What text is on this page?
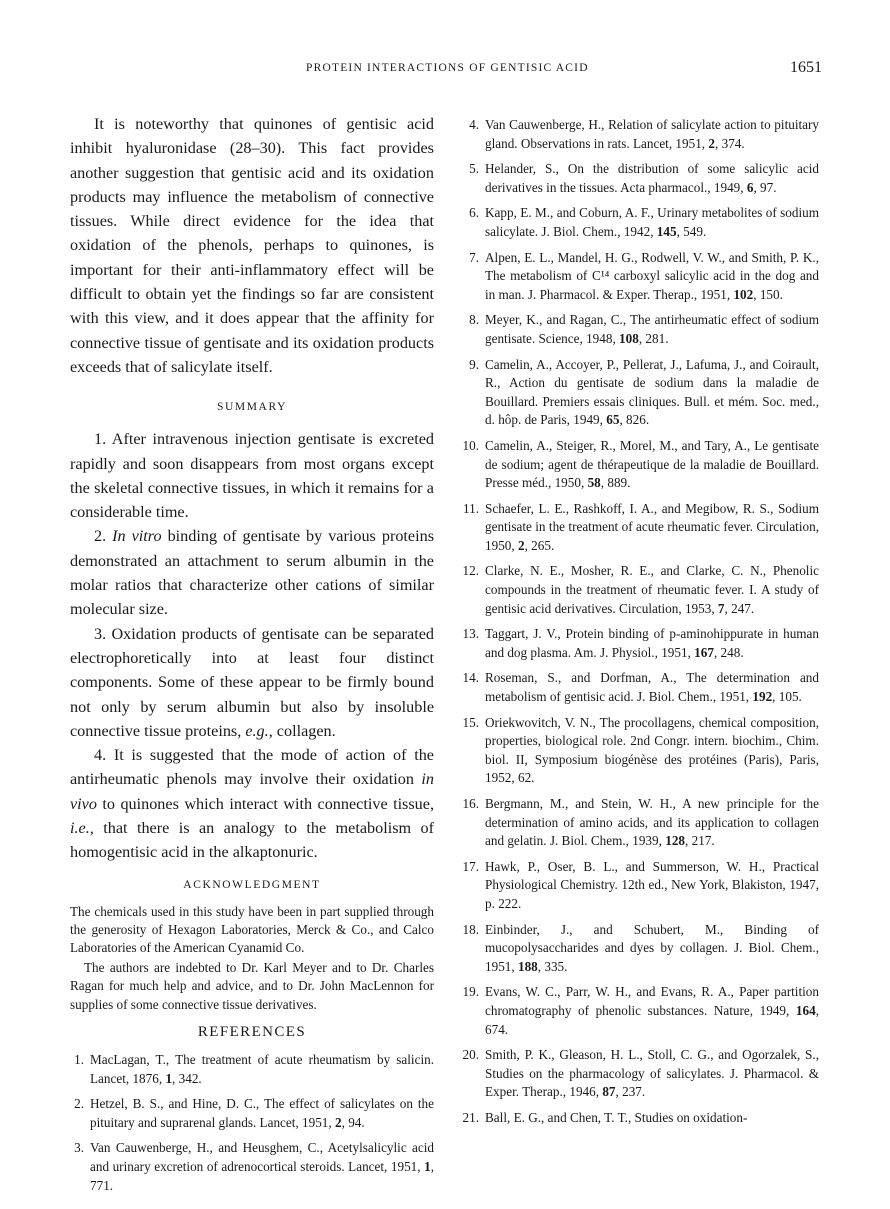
PROTEIN INTERACTIONS OF GENTISIC ACID	1651

It is noteworthy that quinones of gentisic acid inhibit hyaluronidase (28–30). This fact provides another suggestion that gentisic acid and its oxidation products may influence the metabolism of connective tissues. While direct evidence for the idea that oxidation of the phenols, perhaps to quinones, is important for their anti-inflammatory effect will be difficult to obtain yet the findings so far are consistent with this view, and it does appear that the affinity for connective tissue of gentisate and its oxidation products exceeds that of salicylate itself.

SUMMARY

1. After intravenous injection gentisate is excreted rapidly and soon disappears from most organs except the skeletal connective tissues, in which it remains for a considerable time.

2. In vitro binding of gentisate by various proteins demonstrated an attachment to serum albumin in the molar ratios that characterize other cations of similar molecular size.

3. Oxidation products of gentisate can be separated electrophoretically into at least four distinct components. Some of these appear to be firmly bound not only by serum albumin but also by insoluble connective tissue proteins, e.g., collagen.

4. It is suggested that the mode of action of the antirheumatic phenols may involve their oxidation in vivo to quinones which interact with connective tissue, i.e., that there is an analogy to the metabolism of homogentisic acid in the alkaptonuric.

ACKNOWLEDGMENT

The chemicals used in this study have been in part supplied through the generosity of Hexagon Laboratories, Merck & Co., and Calco Laboratories of the American Cyanamid Co.

The authors are indebted to Dr. Karl Meyer and to Dr. Charles Ragan for much help and advice, and to Dr. John MacLennon for supplies of some connective tissue derivatives.

REFERENCES
1. MacLagan, T., The treatment of acute rheumatism by salicin. Lancet, 1876, 1, 342.
2. Hetzel, B. S., and Hine, D. C., The effect of salicylates on the pituitary and suprarenal glands. Lancet, 1951, 2, 94.
3. Van Cauwenberge, H., and Heusghem, C., Acetylsalicylic acid and urinary excretion of adrenocortical steroids. Lancet, 1951, 1, 771.
4. Van Cauwenberge, H., Relation of salicylate action to pituitary gland. Observations in rats. Lancet, 1951, 2, 374.
5. Helander, S., On the distribution of some salicylic acid derivatives in the tissues. Acta pharmacol., 1949, 6, 97.
6. Kapp, E. M., and Coburn, A. F., Urinary metabolites of sodium salicylate. J. Biol. Chem., 1942, 145, 549.
7. Alpen, E. L., Mandel, H. G., Rodwell, V. W., and Smith, P. K., The metabolism of C¹⁴ carboxyl salicylic acid in the dog and in man. J. Pharmacol. & Exper. Therap., 1951, 102, 150.
8. Meyer, K., and Ragan, C., The antirheumatic effect of sodium gentisate. Science, 1948, 108, 281.
9. Camelin, A., Accoyer, P., Pellerat, J., Lafuma, J., and Coirault, R., Action du gentisate de sodium dans la maladie de Bouillard. Premiers essais cliniques. Bull. et mém. Soc. med., d. hôp. de Paris, 1949, 65, 826.
10. Camelin, A., Steiger, R., Morel, M., and Tary, A., Le gentisate de sodium; agent de thérapeutique de la maladie de Bouillard. Presse méd., 1950, 58, 889.
11. Schaefer, L. E., Rashkoff, I. A., and Megibow, R. S., Sodium gentisate in the treatment of acute rheumatic fever. Circulation, 1950, 2, 265.
12. Clarke, N. E., Mosher, R. E., and Clarke, C. N., Phenolic compounds in the treatment of rheumatic fever. I. A study of gentisic acid derivatives. Circulation, 1953, 7, 247.
13. Taggart, J. V., Protein binding of p-aminohippurate in human and dog plasma. Am. J. Physiol., 1951, 167, 248.
14. Roseman, S., and Dorfman, A., The determination and metabolism of gentisic acid. J. Biol. Chem., 1951, 192, 105.
15. Oriekwovitch, V. N., The procollagens, chemical composition, properties, biological role. 2nd Congr. intern. biochim., Chim. biol. II, Symposium biogénèse des protéines (Paris), Paris, 1952, 62.
16. Bergmann, M., and Stein, W. H., A new principle for the determination of amino acids, and its application to collagen and gelatin. J. Biol. Chem., 1939, 128, 217.
17. Hawk, P., Oser, B. L., and Summerson, W. H., Practical Physiological Chemistry. 12th ed., New York, Blakiston, 1947, p. 222.
18. Einbinder, J., and Schubert, M., Binding of mucopolysaccharides and dyes by collagen. J. Biol. Chem., 1951, 188, 335.
19. Evans, W. C., Parr, W. H., and Evans, R. A., Paper partition chromatography of phenolic substances. Nature, 1949, 164, 674.
20. Smith, P. K., Gleason, H. L., Stoll, C. G., and Ogorzalek, S., Studies on the pharmacology of salicylates. J. Pharmacol. & Exper. Therap., 1946, 87, 237.
21. Ball, E. G., and Chen, T. T., Studies on oxidation-
